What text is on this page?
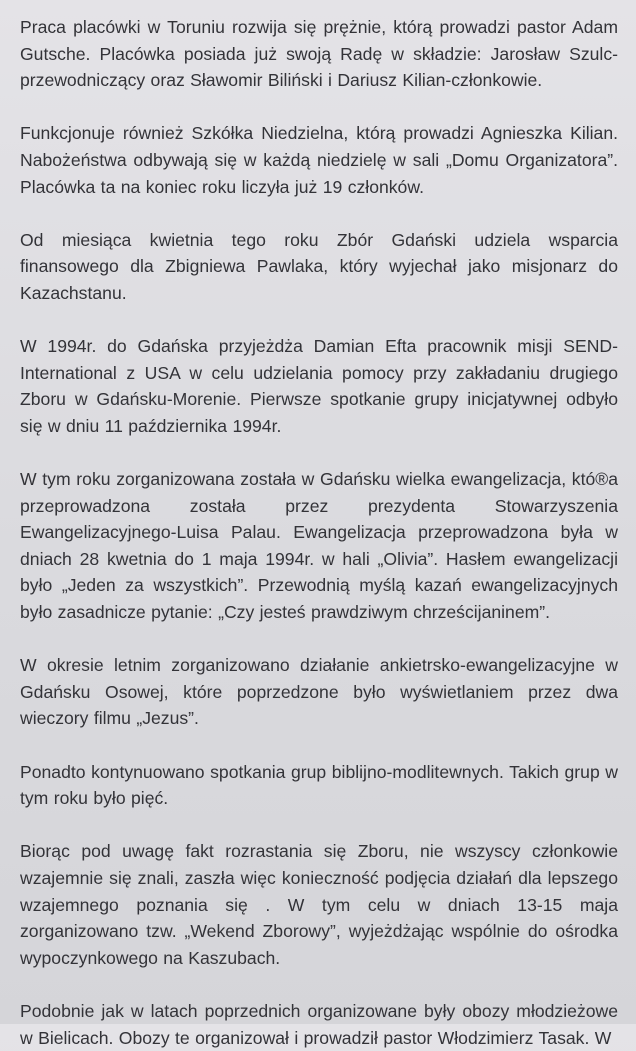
Praca placówki w Toruniu rozwija się prężnie, którą prowadzi pastor Adam Gutsche. Placówka posiada już swoją Radę w składzie: Jarosław Szulc-przewodniczący oraz Sławomir Biliński i Dariusz Kilian-członkowie.

Funkcjonuje również Szkółka Niedzielna, którą prowadzi Agnieszka Kilian. Nabożeństwa odbywają się w każdą niedzielę w sali „Domu Organizatora”. Placówka ta na koniec roku liczyła już 19 członków.

Od miesiąca kwietnia tego roku Zbór Gdański udziela wsparcia finansowego dla Zbigniewa Pawlaka, który wyjechał jako misjonarz do Kazachstanu.

W 1994r. do Gdańska przyjeżdża Damian Efta pracownik misji SEND-International z USA w celu udzielania pomocy przy zakładaniu drugiego Zboru w Gdańsku-Morenie. Pierwsze spotkanie grupy inicjatywnej odbyło się w dniu 11 października 1994r.

W tym roku zorganizowana została w Gdańsku wielka ewangelizacja, któ®a przeprowadzona została przez prezydenta Stowarzyszenia Ewangelizacyjnego-Luisa Palau. Ewangelizacja przeprowadzona była w dniach 28 kwetnia do 1 maja 1994r. w hali „Olivia”. Hasłem ewangelizacji było „Jeden za wszystkich”. Przewodnią myślą kazań ewangelizacyjnych było zasadnicze pytanie: „Czy jesteś prawdziwym chrześcijaninem”.

W okresie letnim zorganizowano działanie ankietrsko-ewangelizacyjne w Gdańsku Osowej, które poprzedzone było wyświetlaniem przez dwa wieczory filmu „Jezus”.

Ponadto kontynuowano spotkania grup biblijno-modlitewnych. Takich grup w tym roku było pięć.

Biorąc pod uwagę fakt rozrastania się Zboru, nie wszyscy członkowie wzajemnie się znali, zaszła więc konieczność podjęcia działań dla lepszego wzajemnego poznania się . W tym celu w dniach 13-15 maja zorganizowano tzw. „Wekend Zborowy”, wyjeżdżając wspólnie do ośrodka wypoczynkowego na Kaszubach.

Podobnie jak w latach poprzednich organizowane były obozy młodzieżowe w Bielicach. Obozy te organizował i prowadził pastor Włodzimierz Tasak. W
